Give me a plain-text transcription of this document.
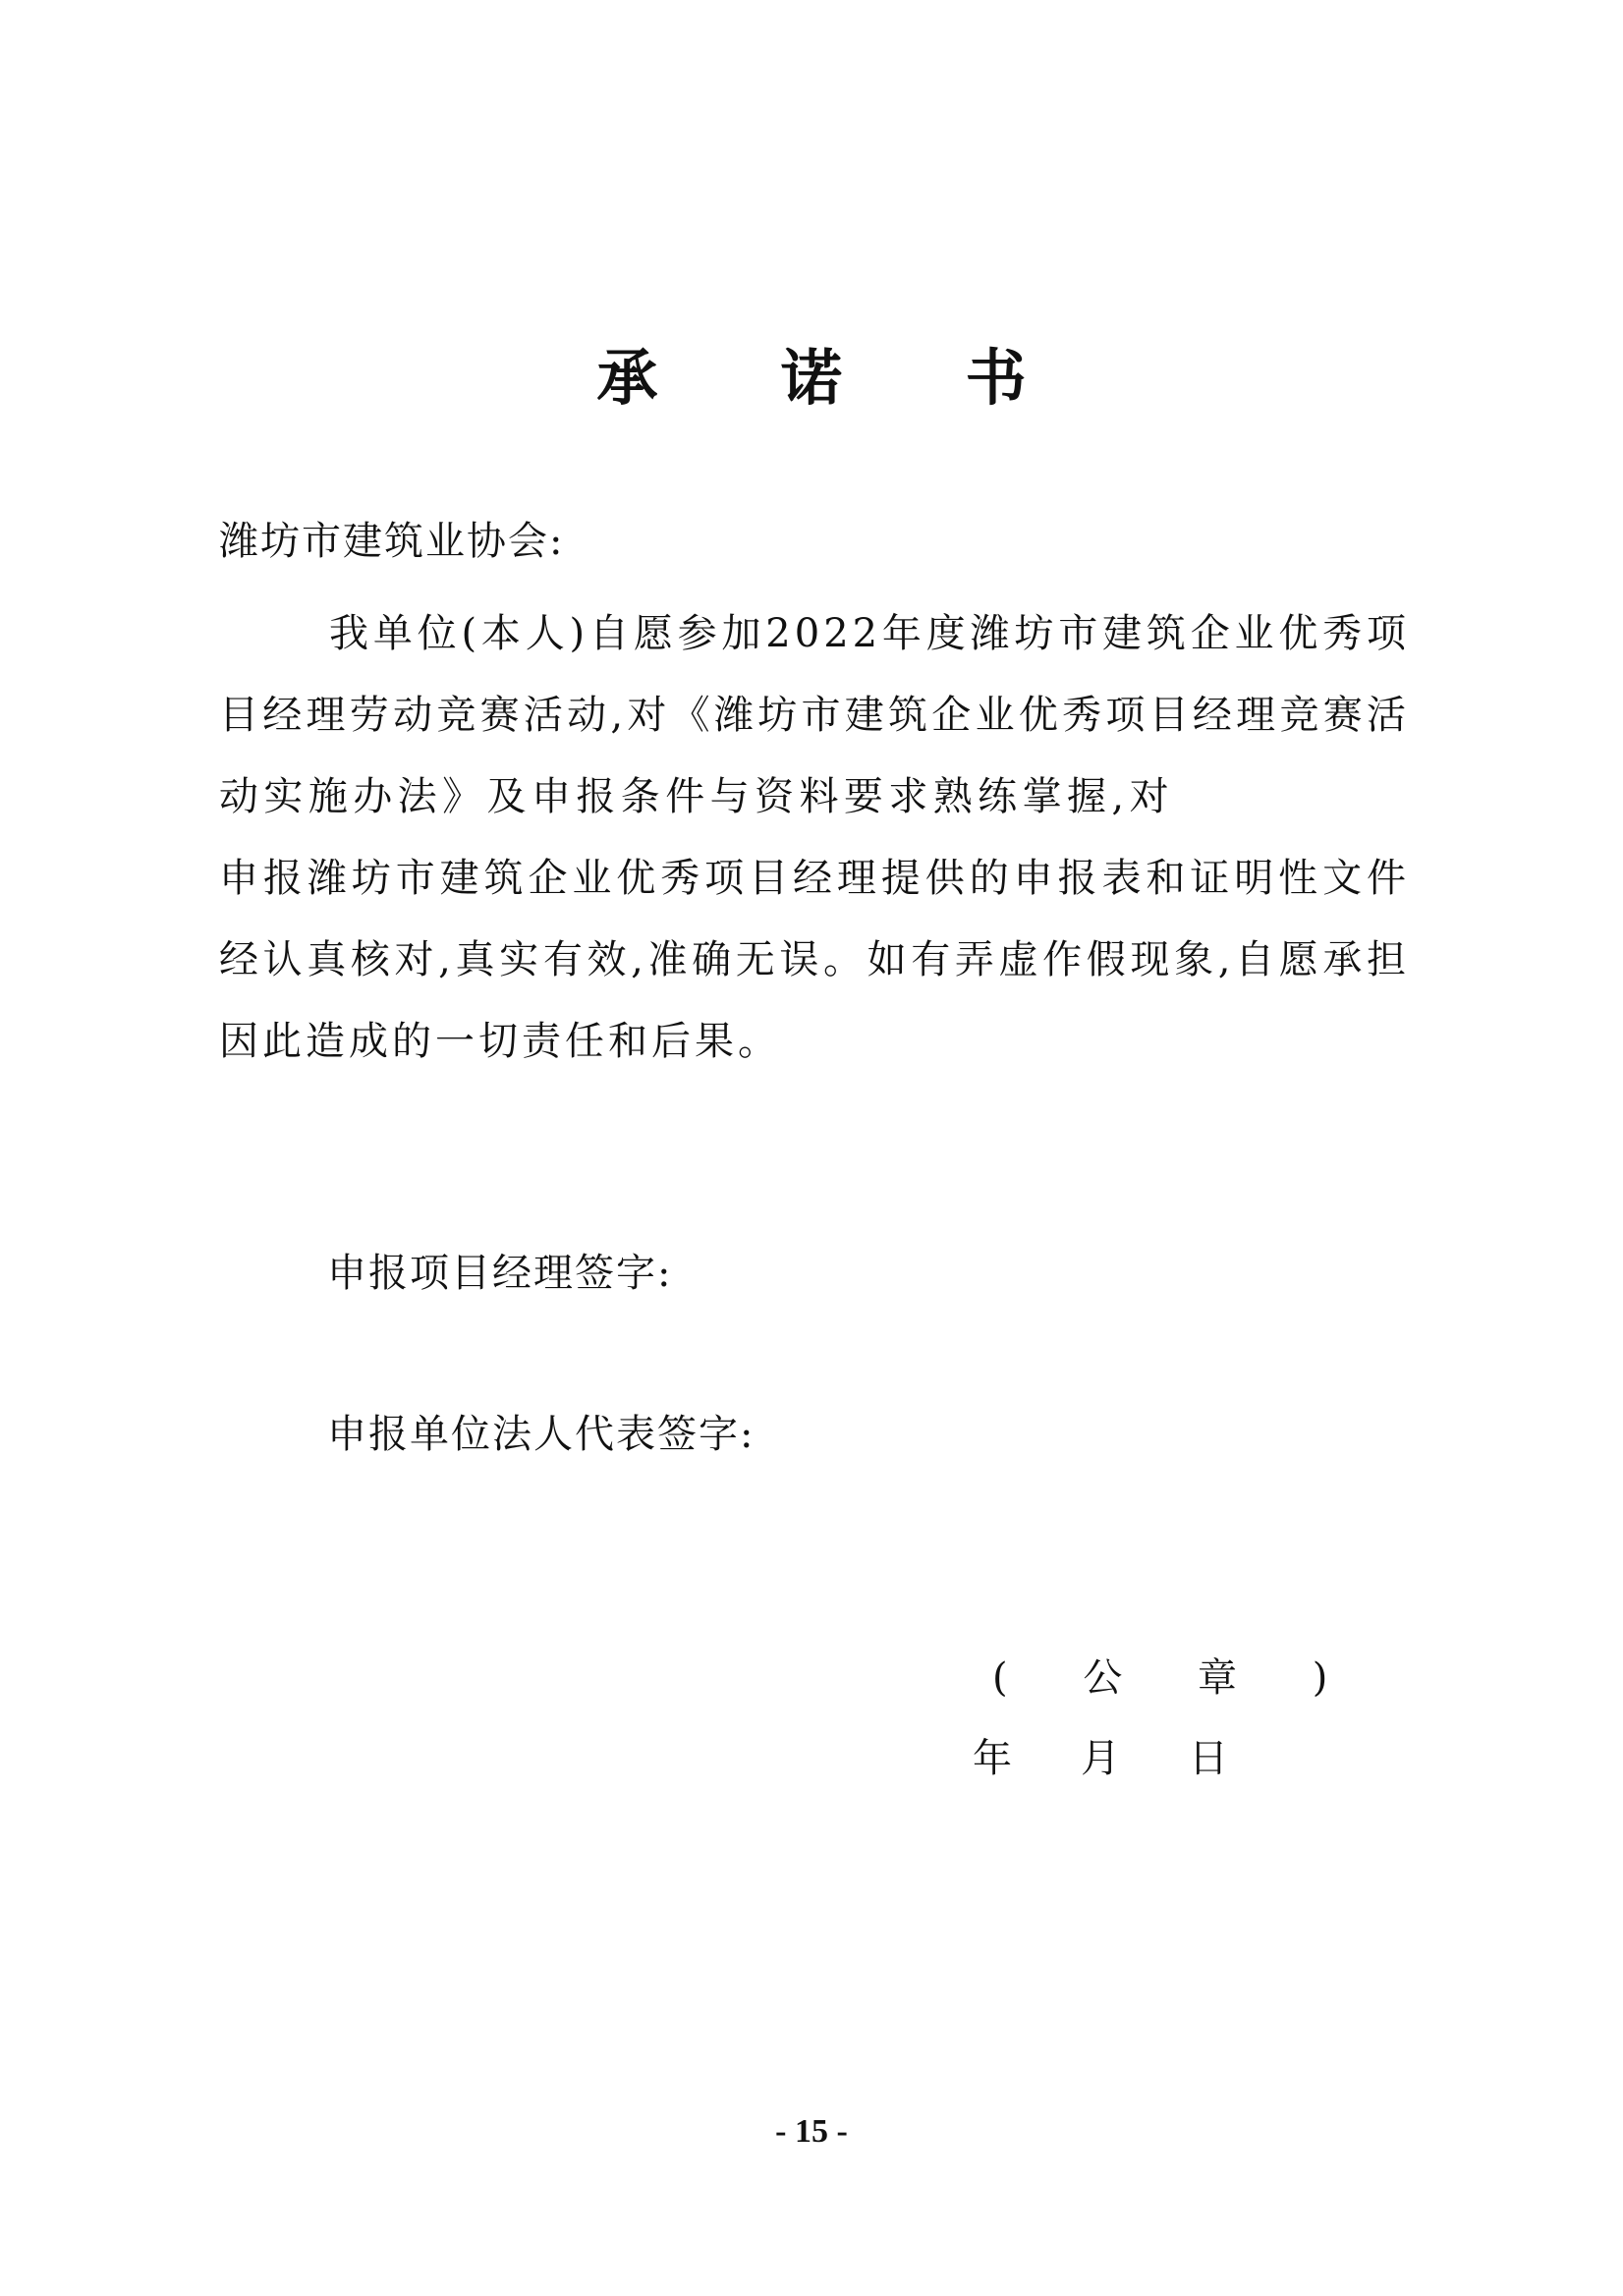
承 诺 书
潍坊市建筑业协会:

我单位(本人)自愿参加2022年度潍坊市建筑企业优秀项目经理劳动竞赛活动,对《潍坊市建筑企业优秀项目经理竞赛活动实施办法》及申报条件与资料要求熟练掌握,对申报潍坊市建筑企业优秀项目经理提供的申报表和证明性文件经认真核对,真实有效,准确无误。如有弄虚作假现象,自愿承担因此造成的一切责任和后果。

申报项目经理签字:
申报单位法人代表签字:
( 公 章 )
年 月 日
- 15 -
